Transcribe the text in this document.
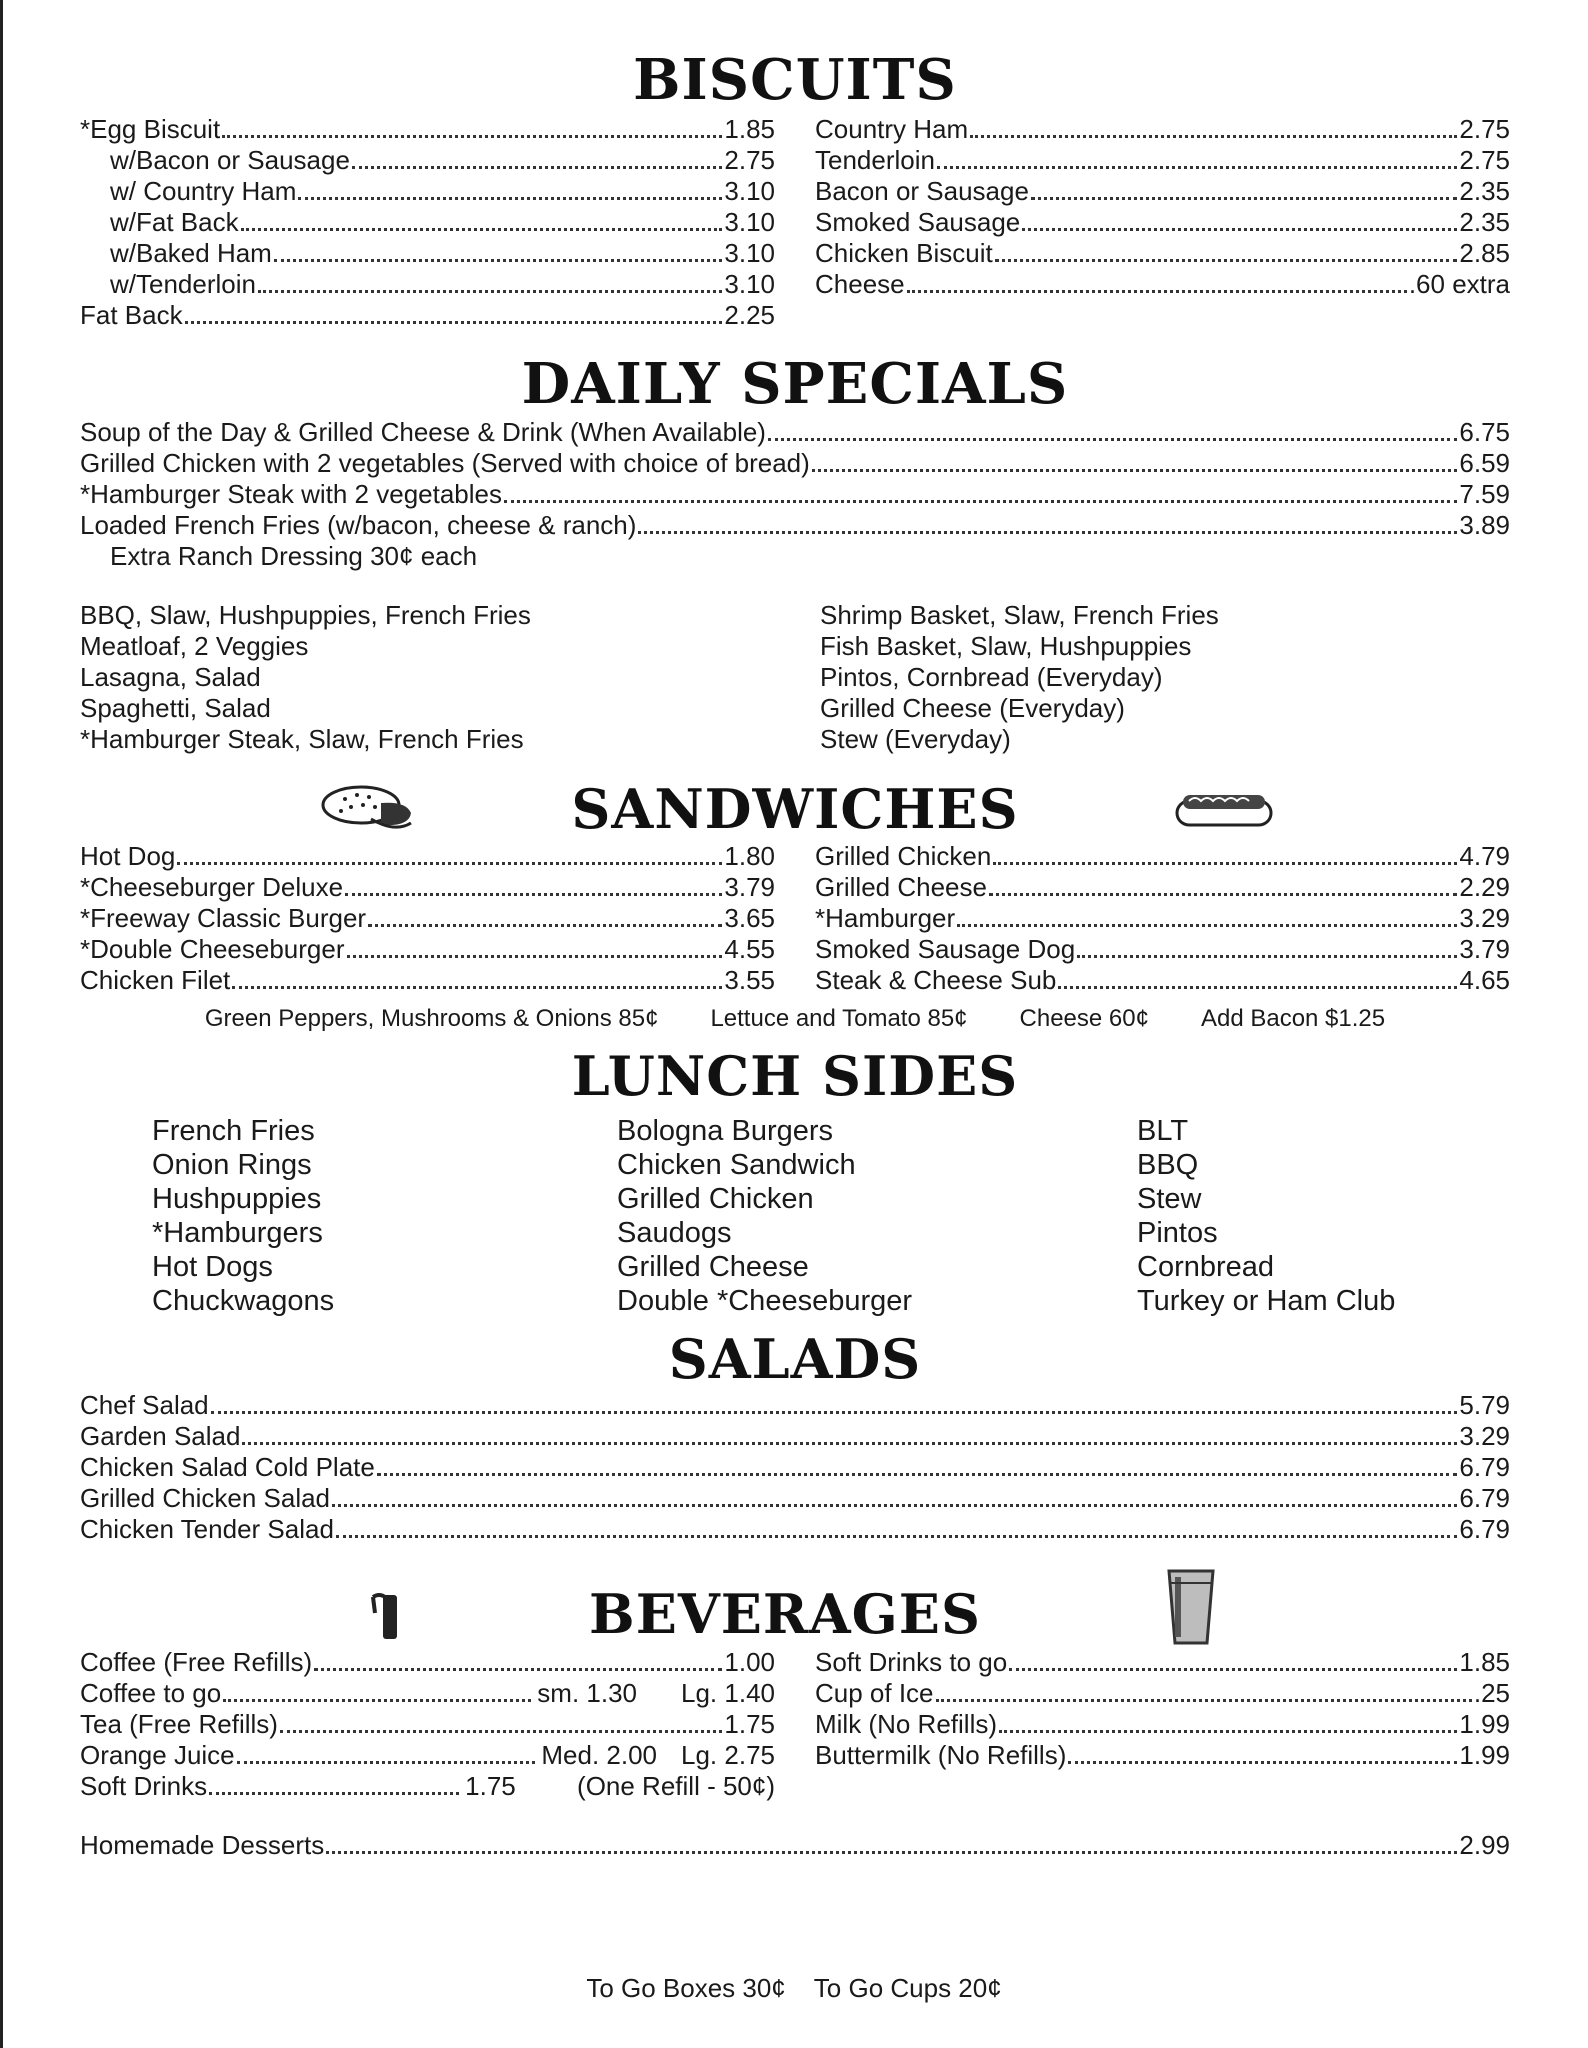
BISCUITS
*Egg Biscuit	1.85
w/Bacon or Sausage	2.75
w/ Country Ham	3.10
w/Fat Back	3.10
w/Baked Ham	3.10
w/Tenderloin	3.10
Fat Back	2.25
Country Ham	2.75
Tenderloin	2.75
Bacon or Sausage	2.35
Smoked Sausage	2.35
Chicken Biscuit	2.85
Cheese	.60 extra
DAILY SPECIALS
Soup of the Day & Grilled Cheese & Drink (When Available)	6.75
Grilled Chicken with 2 vegetables (Served with choice of bread)	6.59
*Hamburger Steak with 2 vegetables	7.59
Loaded French Fries (w/bacon, cheese & ranch)	3.89
Extra Ranch Dressing 30¢ each
BBQ, Slaw, Hushpuppies, French Fries
Meatloaf, 2 Veggies
Lasagna, Salad
Spaghetti, Salad
*Hamburger Steak, Slaw, French Fries
Shrimp Basket, Slaw, French Fries
Fish Basket, Slaw, Hushpuppies
Pintos, Cornbread (Everyday)
Grilled Cheese (Everyday)
Stew (Everyday)
SANDWICHES
Hot Dog	1.80
*Cheeseburger Deluxe	3.79
*Freeway Classic Burger	3.65
*Double Cheeseburger	4.55
Chicken Filet	3.55
Grilled Chicken	4.79
Grilled Cheese	2.29
*Hamburger	3.29
Smoked Sausage Dog	3.79
Steak & Cheese Sub	4.65
Green Peppers, Mushrooms & Onions 85¢ Lettuce and Tomato 85¢ Cheese 60¢ Add Bacon $1.25
LUNCH SIDES
French Fries
Onion Rings
Hushpuppies
*Hamburgers
Hot Dogs
Chuckwagons
Bologna Burgers
Chicken Sandwich
Grilled Chicken
Saudogs
Grilled Cheese
Double *Cheeseburger
BLT
BBQ
Stew
Pintos
Cornbread
Turkey or Ham Club
SALADS
Chef Salad	5.79
Garden Salad	3.29
Chicken Salad Cold Plate	6.79
Grilled Chicken Salad	6.79
Chicken Tender Salad	6.79
BEVERAGES
Coffee (Free Refills)	1.00
Coffee to go	sm. 1.30 Lg. 1.40
Tea (Free Refills)	1.75
Orange Juice	Med. 2.00 Lg. 2.75
Soft Drinks	1.75 (One Refill - 50¢)
Soft Drinks to go	1.85
Cup of Ice	.25
Milk (No Refills)	1.99
Buttermilk (No Refills)	1.99
Homemade Desserts	2.99
To Go Boxes 30¢ To Go Cups 20¢
